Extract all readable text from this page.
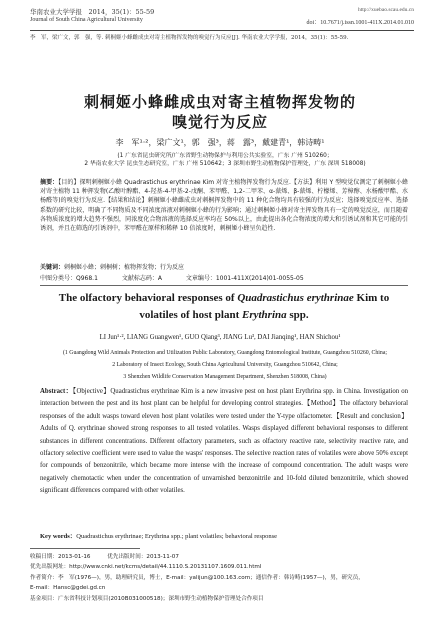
华南农业大学学报　2014，35(1)：55-59
Journal of South China Agricultural University
http://xuebao.scau.edu.cn
doi：10.7671/j.issn.1001-411X.2014.01.010
李　军，梁广文，郭　强，等. 刺桐姬小蜂雌成虫对寄主植物挥发物的嗅觉行为反应[J]. 华南农业大学学报，2014，35(1)：55-59.
刺桐姬小蜂雌成虫对寄主植物挥发物的
嗅觉行为反应
李　军¹·²，梁广文¹，郭　强³，蒋　露³，戴建青¹，韩诗畴¹
(1 广东省昆虫研究所/广东省野生动物保护与利用公共实验室，广东 广州 510260；
2 华南农业大学 昆虫生态研究室，广东 广州 510642；3 深圳市野生动植物保护管理处，广东 深圳 518008)
摘要：【目的】探明刺桐姬小蜂 Quadrastichus erythrinae Kim 对寄主植物挥发物行为反应.【方法】利用 Y 型嗅觉仪测定了刺桐姬小蜂对寄主植物 11 种挥发物(乙酸叶醇酯、4-羟基-4-甲基-2-戊酮、苯甲醛、1,2-二甲苯、α-蒎烯、β-蒎烯、柠檬烯、芳樟醇、水杨酸甲酯、水杨醛等)的嗅觉行为反应.【结果和结论】刺桐姬小蜂雌成虫对刺桐挥发物中的 11 种化合物均具有较强的行为反应；选择嗅觉反应率、选择系数的研究比较，明确了不同物质及不同浓度溶液对刺桐姬小蜂的行为影响；通过刺桐姬小蜂对寄主挥发物具有一定的嗅觉反应，而且随着各物质浓度的增大趋势不强烈，同浓度化合物溶液的选择反应率均在 50%以上，由此提出各化合物浓度的增大和引诱试剂和其它可能的引诱剂，并且在筛选的引诱剂中，苯甲醛在原样和稀释 10 倍浓度时，刺桐姬小蜂呈负趋性.
关键词：刺桐姬小蜂；刺桐树；植物挥发物；行为反应
中图分类号：Q968.1	文献标志码：A	文章编号：1001-411X(2014)01-0055-05
The olfactory behavioral responses of Quadrastichus erythrinae Kim to
volatiles of host plant Erythrina spp.
LI Jun¹·², LIANG Guangwen¹, GUO Qiang³, JIANG Lu³, DAI Jianqing¹, HAN Shichou¹
(1 Guangdong Wild Animals Protection and Utilization Public Laboratory, Guangdong Entomological Institute, Guangzhou 510260, China;
2 Laboratory of Insect Ecology, South China Agricultural University, Guangzhou 510642, China;
3 Shenzhen Wildlife Conservation Management Department, Shenzhen 518008, China)
Abstract：【Objective】Quadrastichus erythrinae Kim is a new invasive pest on host plant Erythrina spp. in China. Investigation on interaction between the pest and its host plant can be helpful for developing control strategies.【Method】The olfactory behavioral responses of the adult wasps toward eleven host plant volatiles were tested under the Y-type olfactometer.【Result and conclusion】Adults of Q. erythrinae showed strong responses to all tested volatiles. Wasps displayed different behavioral responses to different substances in different concentrations. Different olfactory parameters, such as olfactory reactive rate, selectivity reactive rate, and olfactory selective coefficient were used to value the wasps' responses. The selective reaction rates of volatiles were above 50% except for compounds of benzonitrile, which became more intense with the increase of compound concentration. The adult wasps were negatively chemotactic when under the concentration of unvarnished benzonitrile and 10-fold diluted benzonitrile, which showed significant differences compared with other volatiles.
Key words：Quadrastichus erythrinae; Erythrina spp.; plant volatiles; behavioral response
收稿日期：2013-01-16　　　优先出版时间：2013-11-07
优先出版网址：http://www.cnki.net/kcms/detail/44.1110.S.20131107.1609.011.html
作者简介：李　军(1976—)，男，助理研究员，博士，E-mail：yalijun@100.163.com；通信作者：韩诗畴(1957—)，男，研究员，
E-mail：Hansc@gdei.gd.cn
基金项目：广东省科技计划项目(2010B031000518)；深圳市野生动植物保护管理处合作项目
